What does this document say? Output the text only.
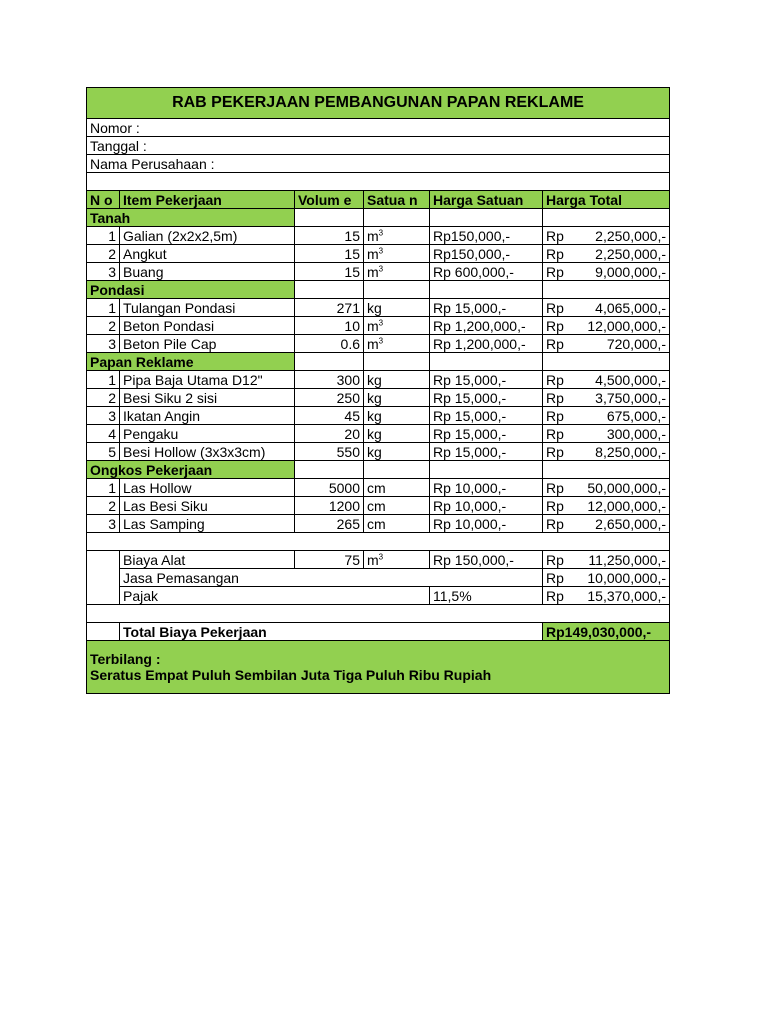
RAB PEKERJAAN PEMBANGUNAN PAPAN REKLAME					
Nomor :					
Tanggal :					
Nama Perusahaan :					

N o	Item Pekerjaan	Volum e	Satua n	Harga Satuan	Harga Total
Tanah					
1	Galian (2x2x2,5m)	15	$m^3$	Rp150,000,-	Rp 2,250,000,-

2	Angkut	15	$m^3$	Rp150,000,-	Rp 2,250,000,-

3	Buang	15	$m^3$	Rp 600,000,-	Rp 9,000,000,-

Pondasi					
1	Tulangan Pondasi	271	kg	Rp 15,000,-	Rp 4,065,000,-

2	Beton Pondasi	10	$m^3$	Rp 1,200,000,-	Rp 12,000,000,-

3	Beton Pile Cap	0.6	$m^3$	Rp 1,200,000,-	Rp 720,000,-

Papan Reklame					
1	Pipa Baja Utama D12"	300	kg	Rp 15,000,-	Rp 4,500,000,-

2	Besi Siku 2 sisi	250	kg	Rp 15,000,-	Rp 3,750,000,-

3	Ikatan Angin	45	kg	Rp 15,000,-	Rp 675,000,-

4	Pengaku	20	kg	Rp 15,000,-	Rp 300,000,-

5	Besi Hollow (3x3x3cm)	550	kg	Rp 15,000,-	Rp 8,250,000,-

Ongkos Pekerjaan					
1	Las Hollow	5000	cm	Rp 10,000,-	Rp 50,000,000,-

2	Las Besi Siku	1200	cm	Rp 10,000,-	Rp 12,000,000,-

3	Las Samping	265	cm	Rp 10,000,-	Rp 2,650,000,-

	Biaya Alat	75	$m^3$	Rp 150,000,-	Rp 11,250,000,-

	Jasa Pemasangan				Rp 10,000,000,-

	Pajak			11,5%	Rp 15,370,000,-

	Total Biaya Pekerjaan				Rp149,030,000,-

Terbilang :
Seratus Empat Puluh Sembilan Juta Tiga Puluh Ribu Rupiah					
